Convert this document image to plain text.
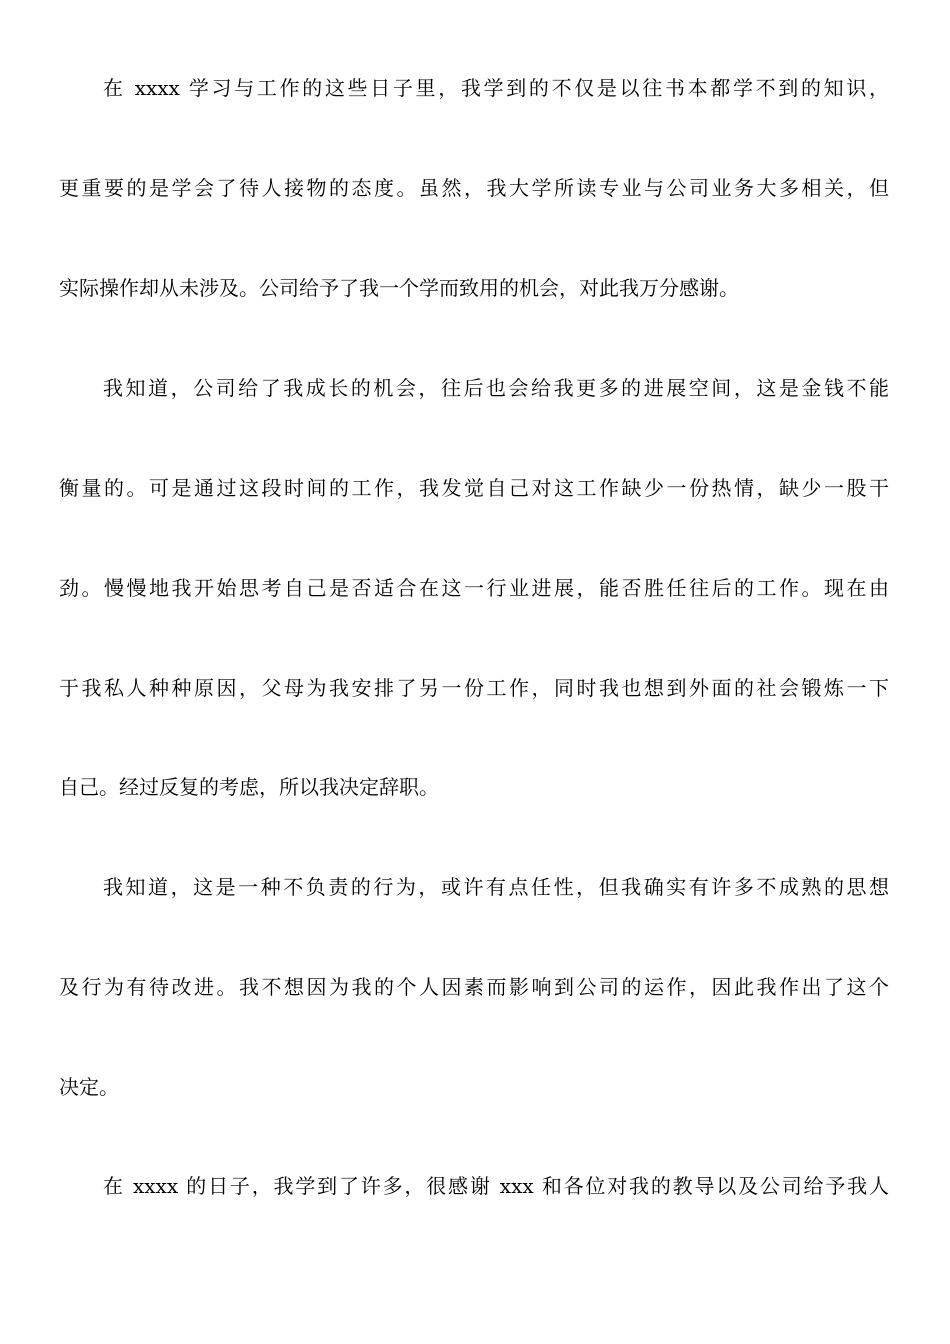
在 xxxx 学习与工作的这些日子里，我学到的不仅是以往书本都学不到的知识，
更重要的是学会了待人接物的态度。虽然，我大学所读专业与公司业务大多相关，但
实际操作却从未涉及。公司给予了我一个学而致用的机会，对此我万分感谢。
我知道，公司给了我成长的机会，往后也会给我更多的进展空间，这是金钱不能
衡量的。可是通过这段时间的工作，我发觉自己对这工作缺少一份热情，缺少一股干
劲。慢慢地我开始思考自己是否适合在这一行业进展，能否胜任往后的工作。现在由
于我私人种种原因，父母为我安排了另一份工作，同时我也想到外面的社会锻炼一下
自己。经过反复的考虑，所以我决定辞职。
我知道，这是一种不负责的行为，或许有点任性，但我确实有许多不成熟的思想
及行为有待改进。我不想因为我的个人因素而影响到公司的运作，因此我作出了这个
决定。
在 xxxx 的日子，我学到了许多，很感谢 xxx 和各位对我的教导以及公司给予我人
